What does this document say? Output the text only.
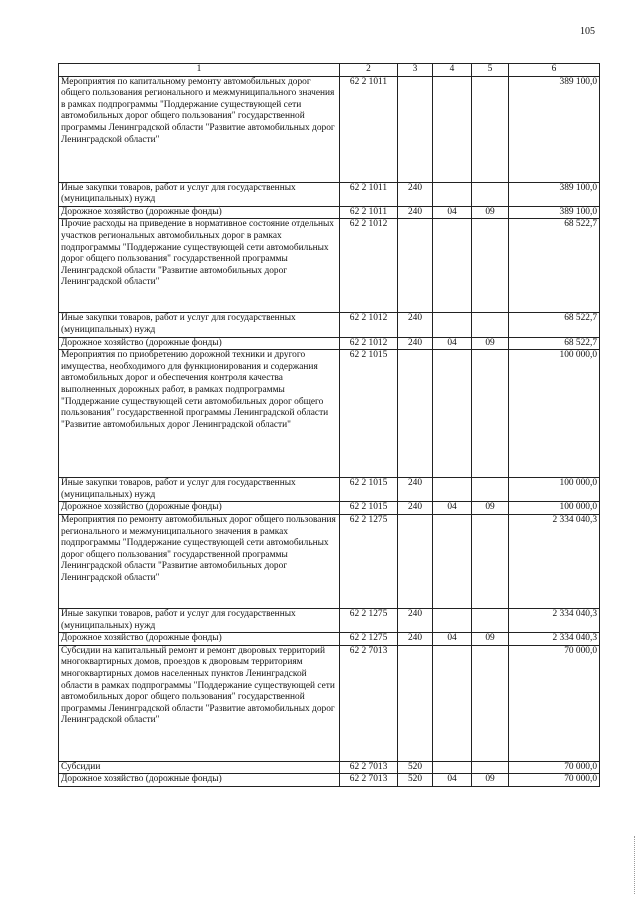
105
1	2	3	4	5	6
Мероприятия по капитальному ремонту автомобильных дорог общего пользования регионального и межмуниципального значения в рамках подпрограммы "Поддержание существующей сети автомобильных дорог общего пользования" государственной программы Ленинградской области "Развитие автомобильных дорог Ленинградской области"	62 2 1011				389 100,0
Иные закупки товаров, работ и услуг для государственных (муниципальных) нужд	62 2 1011	240			389 100,0
Дорожное хозяйство (дорожные фонды)	62 2 1011	240	04	09	389 100,0
Прочие расходы на приведение в нормативное состояние отдельных участков региональных автомобильных дорог в рамках подпрограммы "Поддержание существующей сети автомобильных дорог общего пользования" государственной программы Ленинградской области "Развитие автомобильных дорог Ленинградской области"	62 2 1012				68 522,7
Иные закупки товаров, работ и услуг для государственных (муниципальных) нужд	62 2 1012	240			68 522,7
Дорожное хозяйство (дорожные фонды)	62 2 1012	240	04	09	68 522,7
Мероприятия по приобретению дорожной техники и другого имущества, необходимого для функционирования и содержания автомобильных дорог и обеспечения контроля качества выполненных дорожных работ, в рамках подпрограммы "Поддержание существующей сети автомобильных дорог общего пользования" государственной программы Ленинградской области "Развитие автомобильных дорог Ленинградской области"	62 2 1015				100 000,0
Иные закупки товаров, работ и услуг для государственных (муниципальных) нужд	62 2 1015	240			100 000,0
Дорожное хозяйство (дорожные фонды)	62 2 1015	240	04	09	100 000,0
Мероприятия по ремонту автомобильных дорог общего пользования регионального и межмуниципального значения в рамках подпрограммы "Поддержание существующей сети автомобильных дорог общего пользования" государственной программы Ленинградской области "Развитие автомобильных дорог Ленинградской области"	62 2 1275				2 334 040,3
Иные закупки товаров, работ и услуг для государственных (муниципальных) нужд	62 2 1275	240			2 334 040,3
Дорожное хозяйство (дорожные фонды)	62 2 1275	240	04	09	2 334 040,3
Субсидии на капитальный ремонт и ремонт дворовых территорий многоквартирных домов, проездов к дворовым территориям многоквартирных домов населенных пунктов Ленинградской области в рамках подпрограммы "Поддержание существующей сети автомобильных дорог общего пользования" государственной программы Ленинградской области "Развитие автомобильных дорог Ленинградской области"	62 2 7013				70 000,0
Субсидии	62 2 7013	520			70 000,0
Дорожное хозяйство (дорожные фонды)	62 2 7013	520	04	09	70 000,0
